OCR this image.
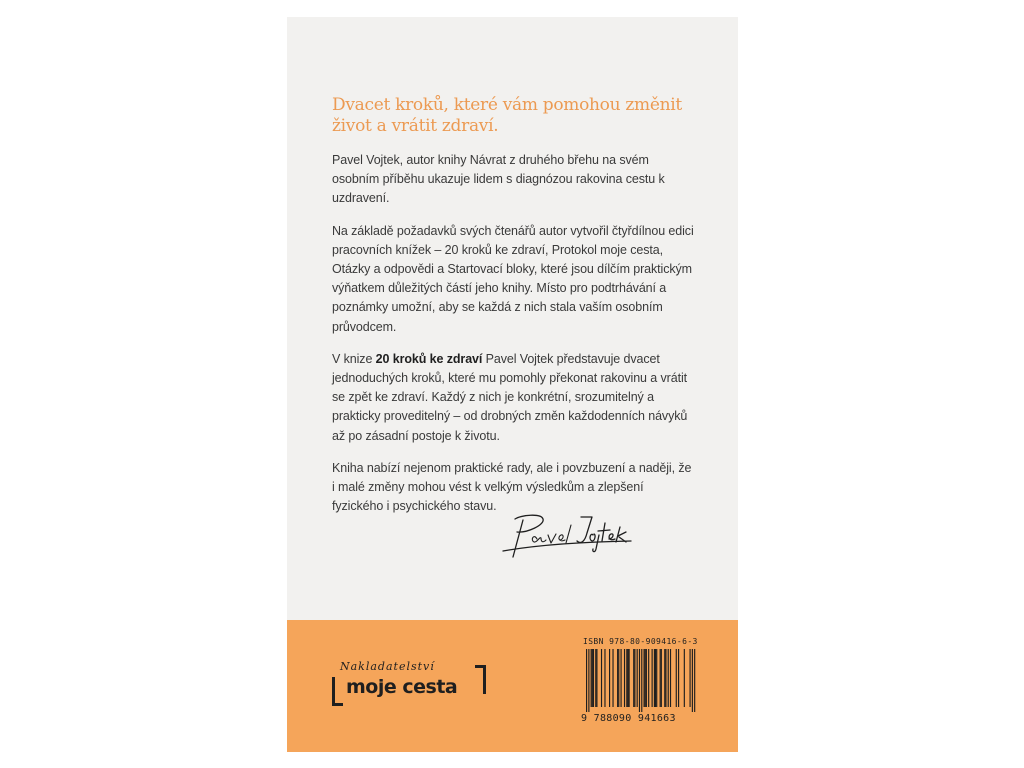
Dvacet kroků, které vám pomohou změnit život a vrátit zdraví.

Pavel Vojtek, autor knihy Návrat z druhého břehu na svém osobním příběhu ukazuje lidem s diagnózou rakovina cestu k uzdravení.

Na základě požadavků svých čtenářů autor vytvořil čtyřdílnou edici pracovních knížek – 20 kroků ke zdraví, Protokol moje cesta, Otázky a odpovědi a Startovací bloky, které jsou dílčím praktickým výňatkem důležitých částí jeho knihy. Místo pro podtrhávání a poznámky umožní, aby se každá z nich stala vaším osobním průvodcem.

V knize 20 kroků ke zdraví Pavel Vojtek představuje dvacet jednoduchých kroků, které mu pomohly překonat rakovinu a vrátit se zpět ke zdraví. Každý z nich je konkrétní, srozumitelný a prakticky proveditelný – od drobných změn každodenních návyků až po zásadní postoje k životu.

Kniha nabízí nejenom praktické rady, ale i povzbuzení a naději, že i malé změny mohou vést k velkým výsledkům a zlepšení fyzického i psychického stavu.

Nakladatelství
moje cesta
ISBN 978-80-909416-6-3
9 788090 941663
